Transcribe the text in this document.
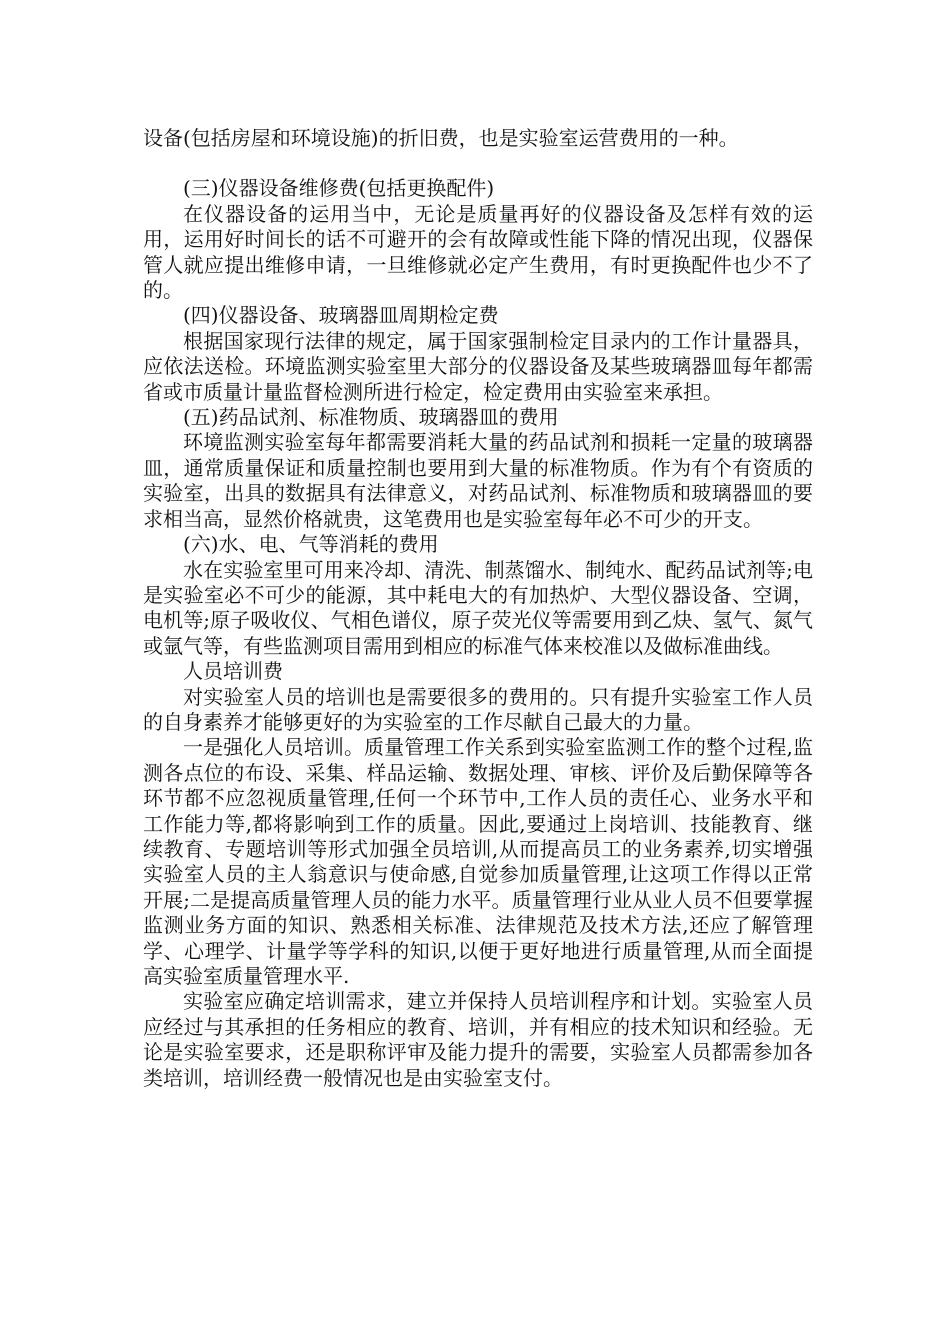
设备(包括房屋和环境设施)的折旧费，也是实验室运营费用的一种。

(三)仪器设备维修费(包括更换配件)

在仪器设备的运用当中，无论是质量再好的仪器设备及怎样有效的运用，运用好时间长的话不可避开的会有故障或性能下降的情况出现，仪器保管人就应提出维修申请，一旦维修就必定产生费用，有时更换配件也少不了的。

(四)仪器设备、玻璃器皿周期检定费

根据国家现行法律的规定，属于国家强制检定目录内的工作计量器具，应依法送检。环境监测实验室里大部分的仪器设备及某些玻璃器皿每年都需省或市质量计量监督检测所进行检定，检定费用由实验室来承担。

(五)药品试剂、标准物质、玻璃器皿的费用

环境监测实验室每年都需要消耗大量的药品试剂和损耗一定量的玻璃器皿，通常质量保证和质量控制也要用到大量的标准物质。作为有个有资质的实验室，出具的数据具有法律意义，对药品试剂、标准物质和玻璃器皿的要求相当高，显然价格就贵，这笔费用也是实验室每年必不可少的开支。

(六)水、电、气等消耗的费用

水在实验室里可用来冷却、清洗、制蒸馏水、制纯水、配药品试剂等;电是实验室必不可少的能源，其中耗电大的有加热炉、大型仪器设备、空调，电机等;原子吸收仪、气相色谱仪，原子荧光仪等需要用到乙炔、氢气、氮气或氩气等，有些监测项目需用到相应的标准气体来校准以及做标准曲线。

人员培训费

对实验室人员的培训也是需要很多的费用的。只有提升实验室工作人员的自身素养才能够更好的为实验室的工作尽献自己最大的力量。

一是强化人员培训。质量管理工作关系到实验室监测工作的整个过程,监测各点位的布设、采集、样品运输、数据处理、审核、评价及后勤保障等各环节都不应忽视质量管理,任何一个环节中,工作人员的责任心、业务水平和工作能力等,都将影响到工作的质量。因此,要通过上岗培训、技能教育、继续教育、专题培训等形式加强全员培训,从而提高员工的业务素养,切实增强实验室人员的主人翁意识与使命感,自觉参加质量管理,让这项工作得以正常开展;二是提高质量管理人员的能力水平。质量管理行业从业人员不但要掌握监测业务方面的知识、熟悉相关标准、法律规范及技术方法,还应了解管理学、心理学、计量学等学科的知识,以便于更好地进行质量管理,从而全面提高实验室质量管理水平.

实验室应确定培训需求，建立并保持人员培训程序和计划。实验室人员应经过与其承担的任务相应的教育、培训，并有相应的技术知识和经验。无论是实验室要求，还是职称评审及能力提升的需要，实验室人员都需参加各类培训，培训经费一般情况也是由实验室支付。
